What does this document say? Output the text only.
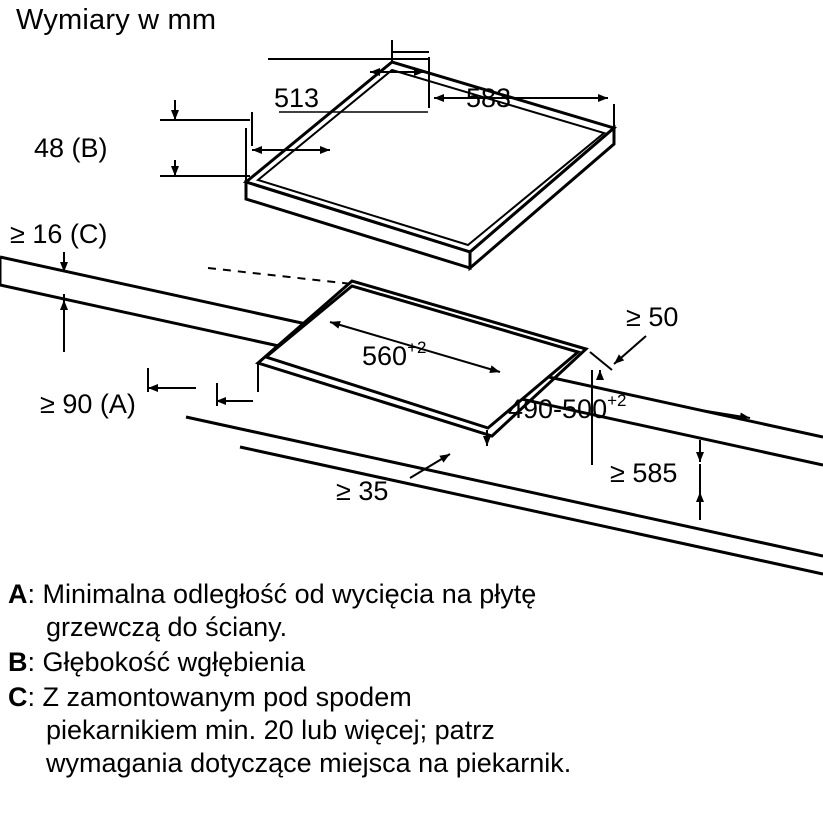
Wymiary w mm
583
513
48 (B)
≥ 16 (C)
≥ 90 (A)
$560^{+2}$
$490-500^{+2}$
≥ 50
≥ 35
≥ 585
A: Minimalna odległość od wycięcia na płytę
grzewczą do ściany.
B: Głębokość wgłębienia
C: Z zamontowanym pod spodem
piekarnikiem min. 20 lub więcej; patrz
wymagania dotyczące miejsca na piekarnik.
